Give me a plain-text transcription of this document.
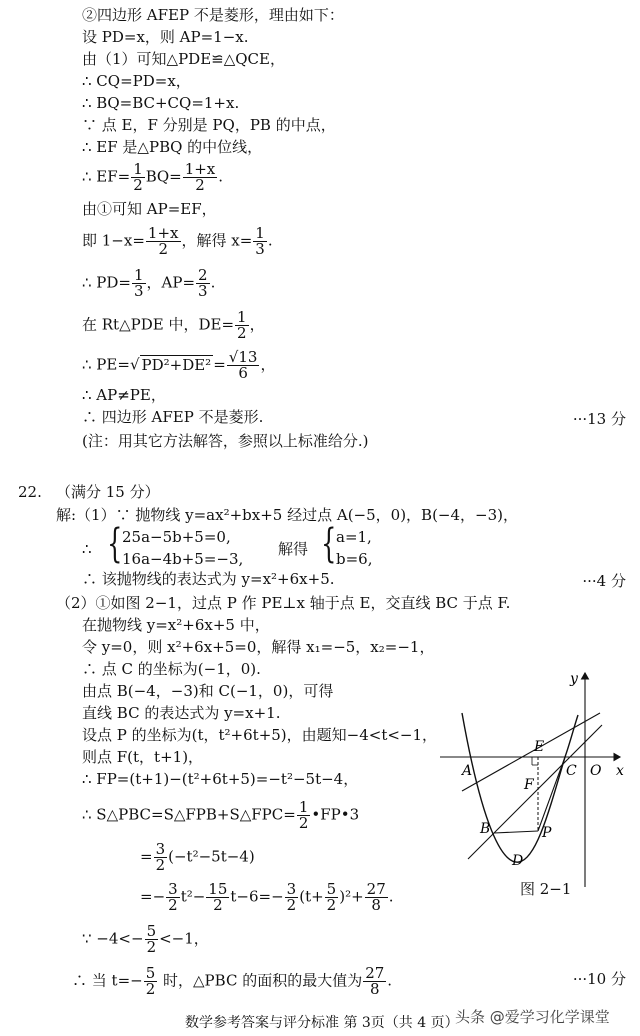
②四边形 AFEP 不是菱形，理由如下：
设 PD=x，则 AP=1−x.
由（1）可知△PDE≌△QCE，
∴ CQ=PD=x，
∴ BQ=BC+CQ=1+x.
∵ 点 E，F 分别是 PQ，PB 的中点，
∴ EF 是△PBQ 的中位线，
∴ $EF= \frac{1}{2} BQ= \frac{1+x}{2}$ .
由①可知 AP=EF，
即 $1-x= \frac{1+x}{2}$ ，解得 $x= \frac{1}{3}$ .
∴ $PD= \frac{1}{3}$ ，$AP= \frac{2}{3}$ .
在 Rt△PDE 中，$DE= \frac{1}{2}$ ，
∴ PE=√ $PD^2+DE^2 = \frac{√13}{6}$ ，
∴ AP≠PE，
∴ 四边形 AFEP 不是菱形.	···13 分
(注：用其它方法解答，参照以上标准给分.)
22. （满分 15 分）
解:（1）∵ 抛物线 y=ax²+bx+5 经过点 A(−5，0)，B(−4，−3)，
∴ { 25a−5b+5=0,
16a−4b+5=−3,
解得 { a=1,
b=6,
∴ 该抛物线的表达式为 y=x²+6x+5.	···4 分
（2）①如图 2−1，过点 P 作 PE⊥x 轴于点 E，交直线 BC 于点 F.
在抛物线 y=x²+6x+5 中，
令 y=0，则 x²+6x+5=0，解得 x₁=−5，x₂=−1，
∴ 点 C 的坐标为(−1，0).
由点 B(−4，−3)和 C(−1，0)，可得
直线 BC 的表达式为 y=x+1.
设点 P 的坐标为(t，t²+6t+5)，由题知−4<t<−1，
则点 F(t，t+1)，
∴ FP=(t+1)−(t²+6t+5)=−t²−5t−4，
∴ S△PBC=S△FPB+S△FPC= $\frac{1}{2}$ •FP•3
= $\frac{3}{2} (-t^2-5t-4)$
=− $\frac{3}{2} t^2- \frac{15}{2} t-6=- \frac{3}{2} (t+ \frac{5}{2} )^2+ \frac{27}{8}$ .
∵ $-4<- \frac{5}{2} <-1$，
∴ 当 $t=- \frac{5}{2}$ 时，△PBC 的面积的最大值为 $\frac{27}{8}$ .	···10 分
y
x
A
E
F
C O
B	P
D
图 2−1
数学参考答案与评分标准 第 3页（共 4 页）
头条 @爱学习化学课堂
